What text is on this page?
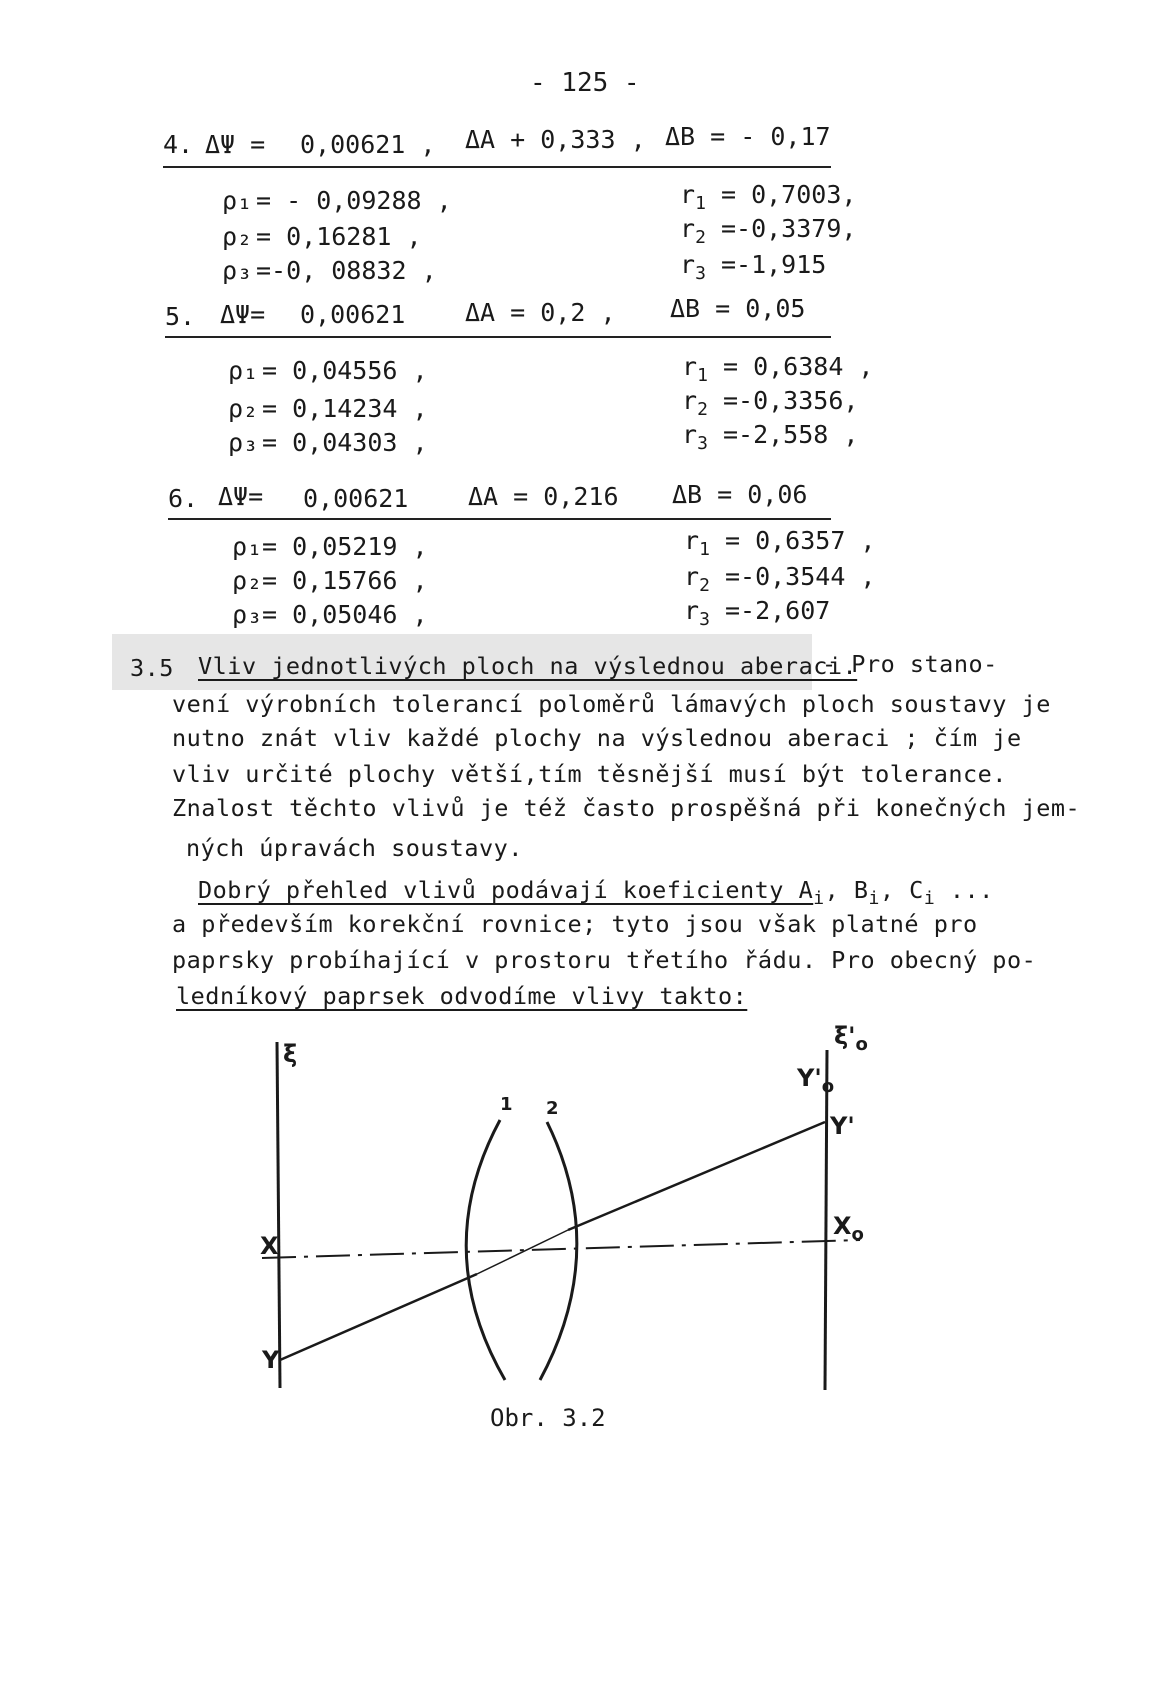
- 125 -
4. ΔΨ = 0,00621 , ΔA + 0,333 , ΔB = - 0,17
ρ₁ = - 0,09288 ,
ρ₂ = 0,16281 ,
ρ₃ =-0, 08832 ,
$r_1 = 0,7003$,
$r_2 =-0,3379$,
$r_3 =-1,915$
5. ΔΨ= 0,00621 ΔA = 0,2 , ΔB = 0,05
ρ₁ = 0,04556 ,
ρ₂ = 0,14234 ,
ρ₃ = 0,04303 ,
$r_1 = 0,6384$ ,
$r_2 =-0,3356$,
$r_3 =-2,558$ ,
6. ΔΨ= 0,00621 ΔA = 0,216 ΔB = 0,06
ρ₁ = 0,05219 ,
ρ₂ = 0,15766 ,
ρ₃ = 0,05046 ,
$r_1 = 0,6357$ ,
$r_2 =-0,3544$ ,
$r_3 =-2,607$
3.5 Vliv jednotlivých ploch na výslednou aberaci.
- Pro stano-
vení výrobních tolerancí poloměrů lámavých ploch soustavy je
nutno znát vliv každé plochy na výslednou aberaci ; čím je
vliv určité plochy větší,tím těsnější musí být tolerance.
Znalost těchto vlivů je též často prospěšná při konečných jem-
ných úpravách soustavy.
Dobrý přehled vlivů podávají koeficienty $A_i$, $B_i$, $C_i$ ...
a především korekční rovnice; tyto jsou však platné pro
paprsky probíhající v prostoru třetího řádu. Pro obecný po-
ledníkový paprsek odvodíme vlivy takto:
ξ
$\xi'_o$
$Y'_o$
Y'
$X_o$
X
Y
1 2
Obr. 3.2
